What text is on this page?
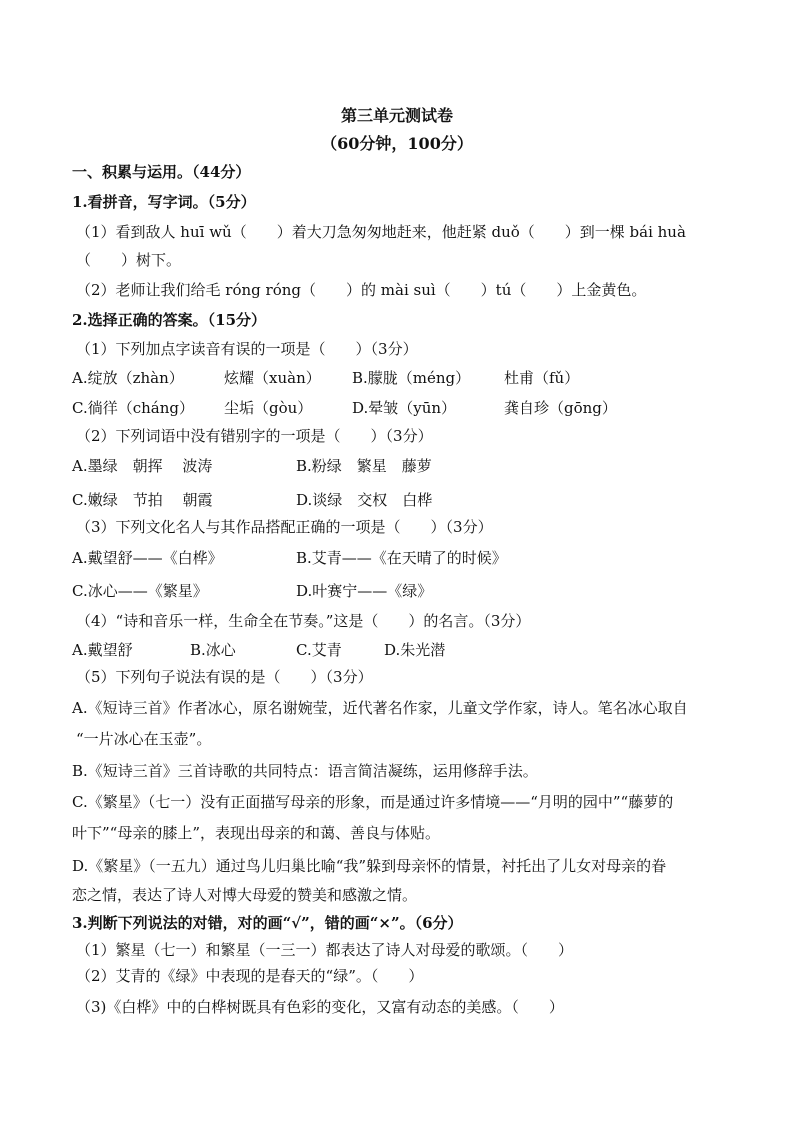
第三单元测试卷
（60分钟，100分）
一、积累与运用。（44分）
1.看拼音，写字词。（5分）
（1）看到敌人 huī wǔ（　　）着大刀急匆匆地赶来，他赶紧 duǒ（　　）到一棵 bái huà
（　　）树下。
（2）老师让我们给毛 róng róng（　　）的 mài suì（　　）tú（　　）上金黄色。
2.选择正确的答案。（15分）
（1）下列加点字读音有误的一项是（　　）（3分）
A.绽放（zhàn）	炫耀（xuàn） B.朦胧（méng） 杜甫（fǔ）
C.徜徉（cháng） 尘垢（gòu）	D.晕皱（yūn）	龚自珍（gōng）
（2）下列词语中没有错别字的一项是（　　）（3分）
A.墨绿　朝挥　 波涛	B.粉绿　繁星　藤萝
C.嫩绿　节拍　 朝霞	D.谈绿　交权　白桦
（3）下列文化名人与其作品搭配正确的一项是（　　）（3分）
A.戴望舒——《白桦》	B.艾青——《在天晴了的时候》
C.冰心——《繁星》	D.叶赛宁——《绿》
（4）“诗和音乐一样，生命全在节奏。”这是（　　）的名言。（3分）
A.戴望舒	B.冰心	C.艾青	D.朱光潜
（5）下列句子说法有误的是（　　）（3分）
A.《短诗三首》作者冰心，原名谢婉莹，近代著名作家，儿童文学作家，诗人。笔名冰心取自
“一片冰心在玉壶”。
B.《短诗三首》三首诗歌的共同特点：语言简洁凝练，运用修辞手法。
C.《繁星》（七一）没有正面描写母亲的形象，而是通过许多情境——“月明的园中”“藤萝的
叶下”“母亲的膝上”，表现出母亲的和蔼、善良与体贴。
D.《繁星》（一五九）通过鸟儿归巢比喻“我”躲到母亲怀的情景，衬托出了儿女对母亲的眷
恋之情，表达了诗人对博大母爱的赞美和感激之情。
3.判断下列说法的对错，对的画“√”，错的画“×”。（6分）
（1）繁星（七一）和繁星（一三一）都表达了诗人对母爱的歌颂。（　　）
（2）艾青的《绿》中表现的是春天的“绿”。（　　）
（3)《白桦》中的白桦树既具有色彩的变化，又富有动态的美感。（　　）
